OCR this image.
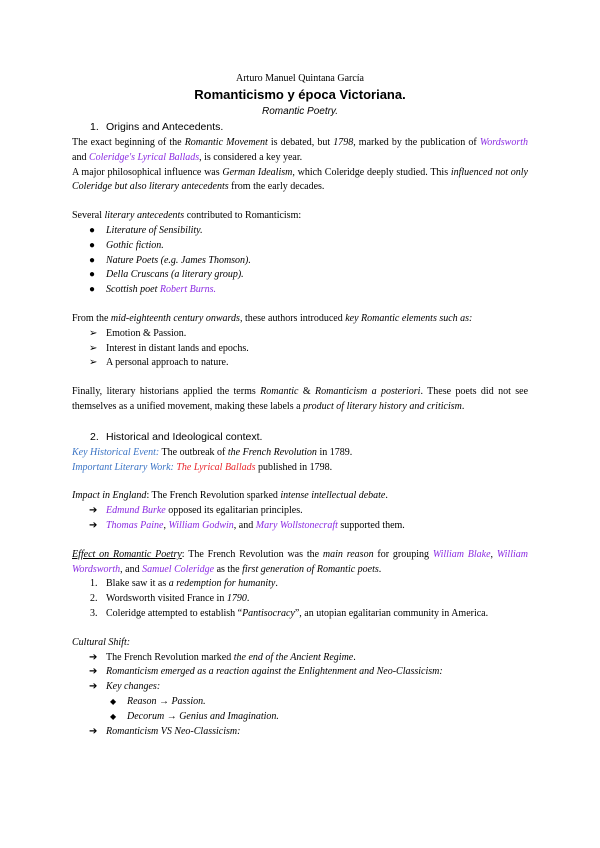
Arturo Manuel Quintana García
Romanticismo y época Victoriana.
Romantic Poetry.
1. Origins and Antecedents.
The exact beginning of the Romantic Movement is debated, but 1798, marked by the publication of Wordsworth and Coleridge's Lyrical Ballads, is considered a key year.
A major philosophical influence was German Idealism, which Coleridge deeply studied. This influenced not only Coleridge but also literary antecedents from the early decades.
Several literary antecedents contributed to Romanticism:
● Literature of Sensibility.
● Gothic fiction.
● Nature Poets (e.g. James Thomson).
● Della Cruscans (a literary group).
● Scottish poet Robert Burns.
From the mid-eighteenth century onwards, these authors introduced key Romantic elements such as:
➢ Emotion & Passion.
➢ Interest in distant lands and epochs.
➢ A personal approach to nature.
Finally, literary historians applied the terms Romantic & Romanticism a posteriori. These poets did not see themselves as a unified movement, making these labels a product of literary history and criticism.
2. Historical and Ideological context.
Key Historical Event: The outbreak of the French Revolution in 1789.
Important Literary Work: The Lyrical Ballads published in 1798.
Impact in England: The French Revolution sparked intense intellectual debate.
➔ Edmund Burke opposed its egalitarian principles.
➔ Thomas Paine, William Godwin, and Mary Wollstonecraft supported them.
Effect on Romantic Poetry: The French Revolution was the main reason for grouping William Blake, William Wordsworth, and Samuel Coleridge as the first generation of Romantic poets.
1. Blake saw it as a redemption for humanity.
2. Wordsworth visited France in 1790.
3. Coleridge attempted to establish “Pantisocracy”, an utopian egalitarian community in America.
Cultural Shift:
➔ The French Revolution marked the end of the Ancient Regime.
➔ Romanticism emerged as a reaction against the Enlightenment and Neo-Classicism:
➔ Key changes:
◆ Reason → Passion.
◆ Decorum → Genius and Imagination.
➔ Romanticism VS Neo-Classicism:
